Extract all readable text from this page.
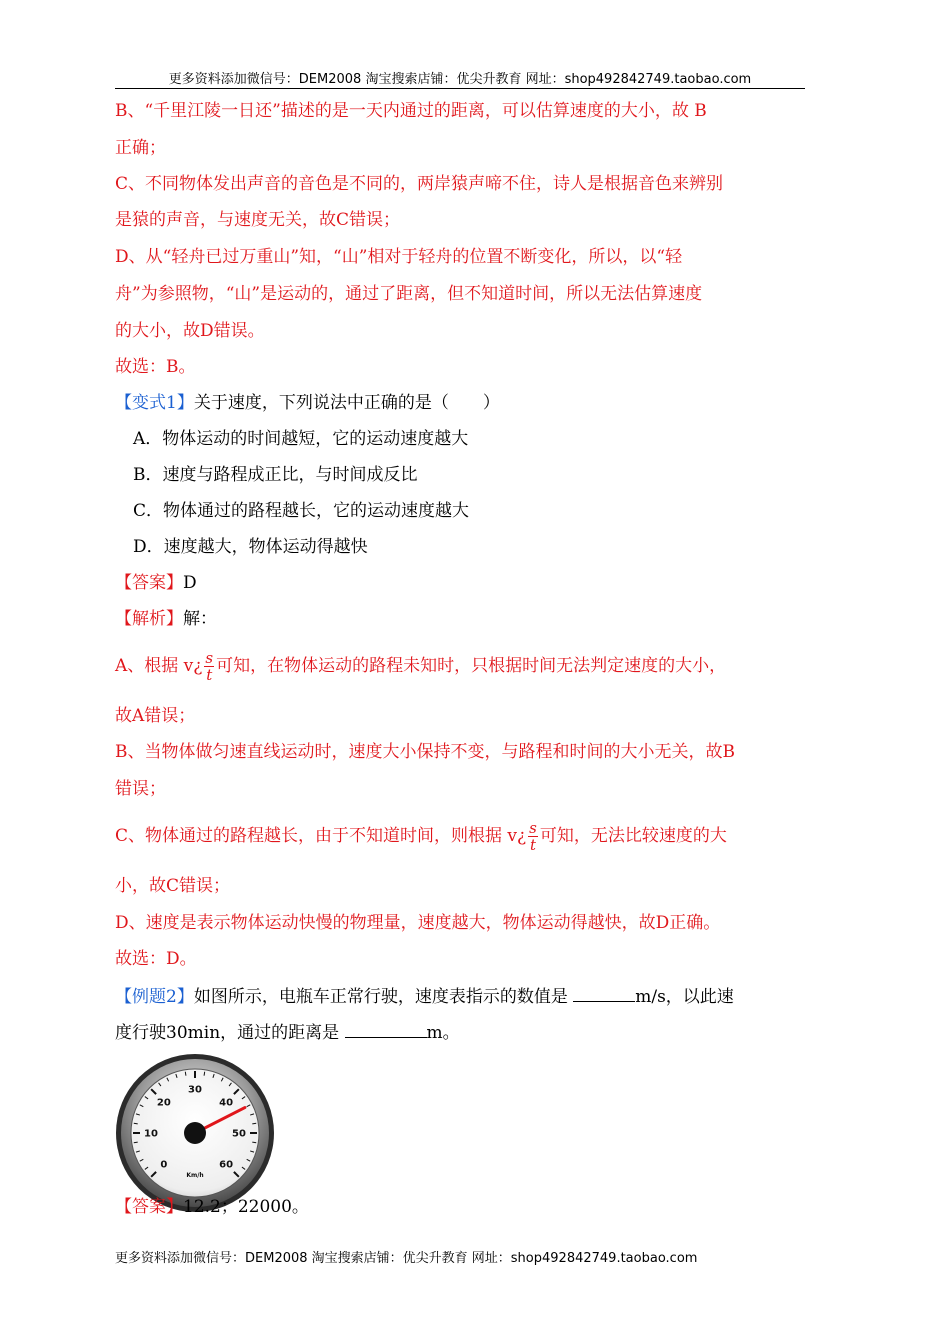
更多资料添加微信号：DEM2008 淘宝搜索店铺：优尖升教育 网址：shop492842749.taobao.com
B、“千里江陵一日还”描述的是一天内通过的距离，可以估算速度的大小，故 B
正确；
C、不同物体发出声音的音色是不同的，两岸猿声啼不住，诗人是根据音色来辨别
是猿的声音，与速度无关，故C错误；
D、从“轻舟已过万重山”知，“山”相对于轻舟的位置不断变化，所以，以“轻
舟”为参照物，“山”是运动的，通过了距离，但不知道时间，所以无法估算速度
的大小，故D错误。
故选：B。
【变式1】关于速度，下列说法中正确的是（　　）
A．物体运动的时间越短，它的运动速度越大
B．速度与路程成正比，与时间成反比
C．物体通过的路程越长，它的运动速度越大
D．速度越大，物体运动得越快
【答案】D
【解析】解：
A、根据 v¿ $\frac{s}{t}$ 可知，在物体运动的路程未知时，只根据时间无法判定速度的大小，
故A错误；
B、当物体做匀速直线运动时，速度大小保持不变，与路程和时间的大小无关，故B
错误；
C、物体通过的路程越长，由于不知道时间，则根据 v¿ $\frac{s}{t}$ 可知，无法比较速度的大
小，故C错误；
D、速度是表示物体运动快慢的物理量，速度越大，物体运动得越快，故D正确。
故选：D。
【例题2】如图所示，电瓶车正常行驶，速度表指示的数值是	m/s，以此速
度行驶30min，通过的距离是	m。
0
10
20
30
40
50
60
Km/h
【答案】12.2；22000。
更多资料添加微信号：DEM2008 淘宝搜索店铺：优尖升教育 网址：shop492842749.taobao.com
